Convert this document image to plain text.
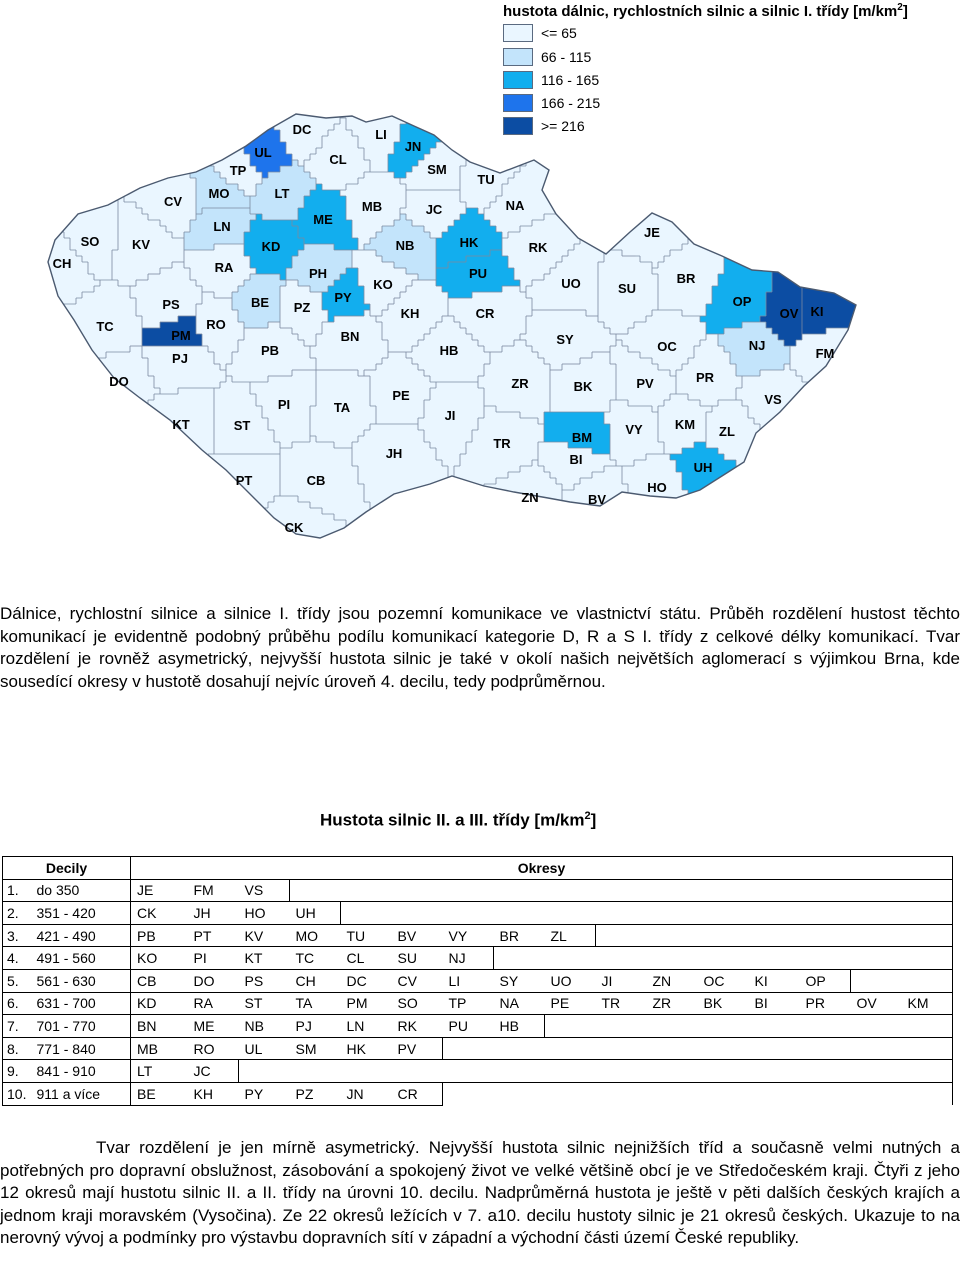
CH
SO	KV
CV
MO
TP
UL
DC	LI
JN
CL
LT
ME
MB
SM
TU
JC	NA
LN
KD	NB	HK	RK
JE
RA	PH
KO
PU
UO	SU
BR
PS	BE	PY
PZ	KH	CR
OP
OV KI
TC
PM
RO
BN	SY	OC	NJ
FM
PJ
PB	HB
DO	ZR	BK	PV	PR
PI	TA
PE	VS
KT	ST
JI
BM
VY KM ZL
TR
BI
JH
UH
PT	CB	HO
ZN	BV
CK
hustota dálnic, rychlostních silnic a silnic I. třídy $[m/km^2]$
<= 65
66 - 115
116 - 165
166 - 215
>= 216
Dálnice, rychlostní silnice a silnice I. třídy jsou pozemní komunikace ve vlastnictví státu. Průběh rozdělení hustost těchto komunikací je evidentně podobný průběhu podílu komunikací kategorie D, R a S I. třídy z celkové délky komunikací. Tvar rozdělení je rovněž asymetrický, nejvyšší hustota silnic je také v okolí našich největších aglomerací s výjimkou Brna, kde sousedící okresy v hustotě dosahují nejvíc úroveň 4. decilu, tedy podprůměrnou.
Hustota silnic II. a III. třídy $[m/km^2]$
Decily		Okresy															
1.	do 350	JE	FM	VS													
2.	351 - 420	CK	JH	HO	UH												
3.	421 - 490	PB	PT	KV	MO	TU	BV	VY	BR	ZL							
4.	491 - 560	KO	PI	KT	TC	CL	SU	NJ									
5.	561 - 630	CB	DO	PS	CH	DC	CV	LI	SY	UO	JI	ZN	OC	KI	OP		
6.	631 - 700	KD	RA	ST	TA	PM	SO	TP	NA	PE	TR	ZR	BK	BI	PR	OV	KM
7.	701 - 770	BN	ME	NB	PJ	LN	RK	PU	HB								
8.	771 - 840	MB	RO	UL	SM	HK	PV										
9.	841 - 910	LT	JC														
10.	911 a více	BE	KH	PY	PZ	JN	CR										
Tvar rozdělení je jen mírně asymetrický. Nejvyšší hustota silnic nejnižších tříd a současně velmi nutných a potřebných pro dopravní obslužnost, zásobování a spokojený život ve velké většině obcí je ve Středočeském kraji. Čtyři z jeho 12 okresů mají hustotu silnic II. a II. třídy na úrovni 10. decilu. Nadprůměrná hustota je ještě v pěti dalších českých krajích a jednom kraji moravském (Vysočina). Ze 22 okresů ležících v 7. a10. decilu hustoty silnic je 21 okresů českých. Ukazuje to na nerovný vývoj a podmínky pro výstavbu dopravních sítí v západní a východní části území České republiky.
